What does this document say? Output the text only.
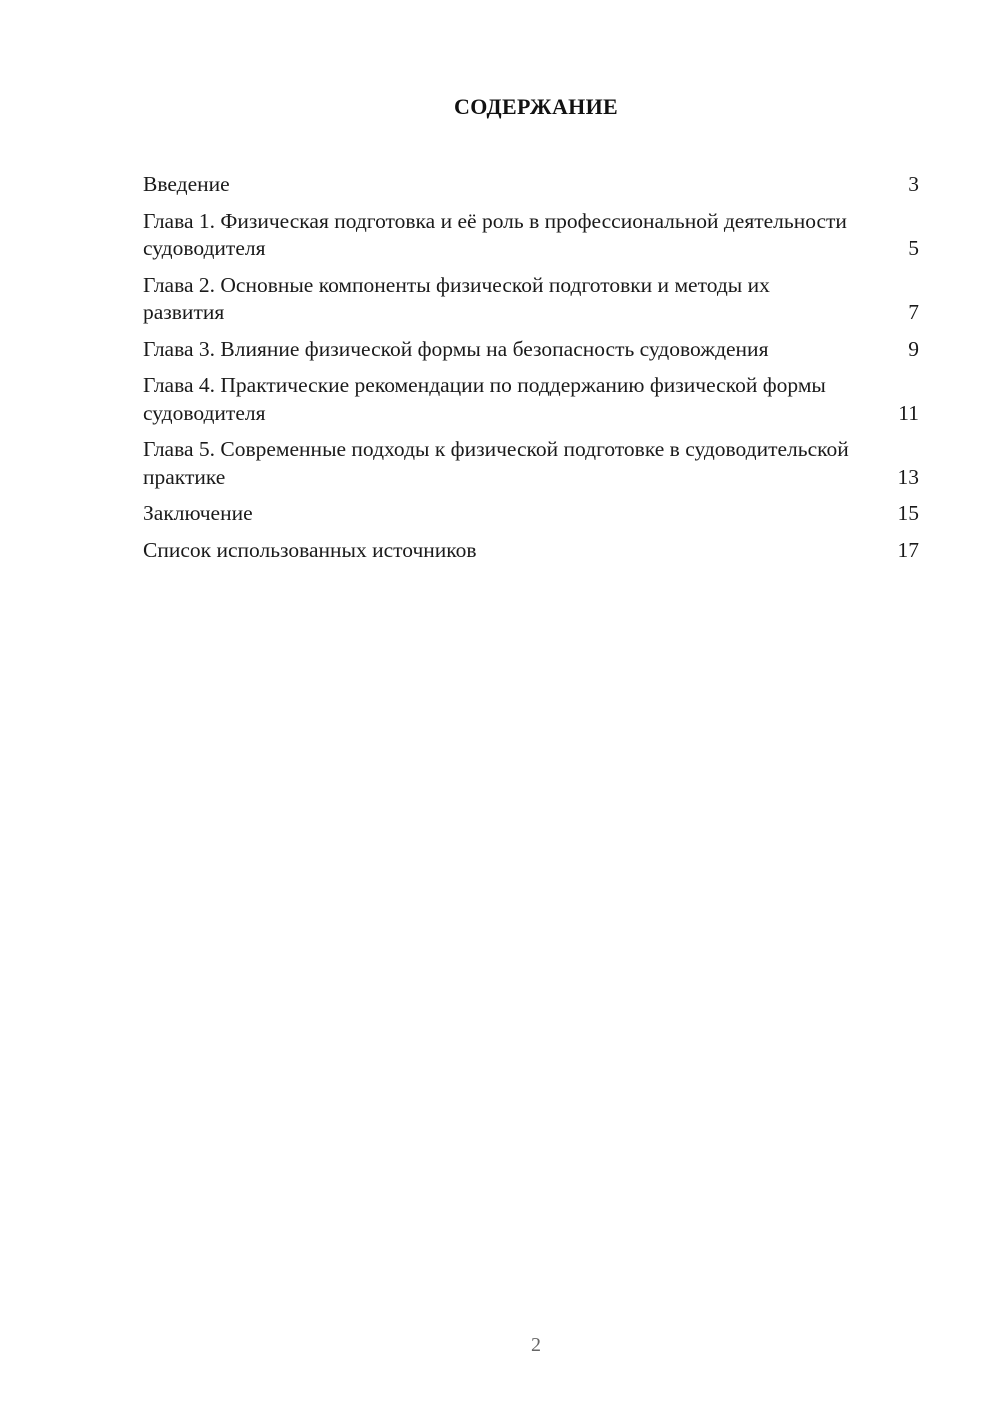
СОДЕРЖАНИЕ
Введение	3
Глава 1. Физическая подготовка и её роль в профессиональной деятельности судоводителя	5
Глава 2. Основные компоненты физической подготовки и методы их развития	7
Глава 3. Влияние физической формы на безопасность судовождения	9
Глава 4. Практические рекомендации по поддержанию физической формы судоводителя	11
Глава 5. Современные подходы к физической подготовке в судоводительской практике	13
Заключение	15
Список использованных источников	17
2
